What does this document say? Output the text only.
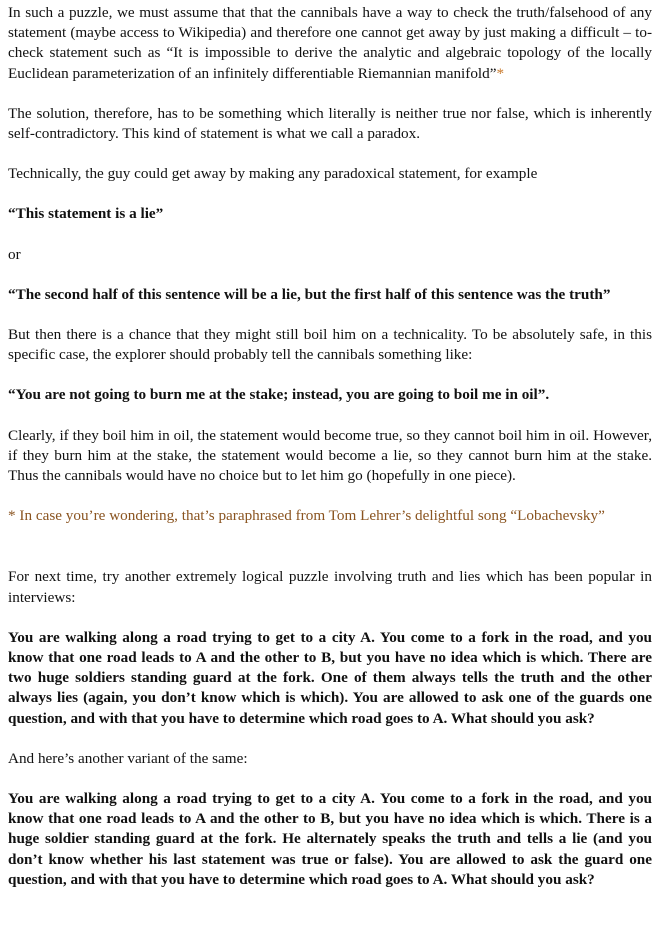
In such a puzzle, we must assume that that the cannibals have a way to check the truth/falsehood of any statement (maybe access to Wikipedia) and therefore one cannot get away by just making a difficult – to-check statement such as “It is impossible to derive the analytic and algebraic topology of the locally Euclidean parameterization of an infinitely differentiable Riemannian manifold”*

The solution, therefore, has to be something which literally is neither true nor false, which is inherently self-contradictory. This kind of statement is what we call a paradox.

Technically, the guy could get away by making any paradoxical statement, for example

“This statement is a lie”

or

“The second half of this sentence will be a lie, but the first half of this sentence was the truth”

But then there is a chance that they might still boil him on a technicality. To be absolutely safe, in this specific case, the explorer should probably tell the cannibals something like:

“You are not going to burn me at the stake; instead, you are going to boil me in oil”.

Clearly, if they boil him in oil, the statement would become true, so they cannot boil him in oil. However, if they burn him at the stake, the statement would become a lie, so they cannot burn him at the stake. Thus the cannibals would have no choice but to let him go (hopefully in one piece).

* In case you’re wondering, that’s paraphrased from Tom Lehrer’s delightful song “Lobachevsky”

For next time, try another extremely logical puzzle involving truth and lies which has been popular in interviews:

You are walking along a road trying to get to a city A. You come to a fork in the road, and you know that one road leads to A and the other to B, but you have no idea which is which. There are two huge soldiers standing guard at the fork. One of them always tells the truth and the other always lies (again, you don’t know which is which). You are allowed to ask one of the guards one question, and with that you have to determine which road goes to A. What should you ask?

And here’s another variant of the same:

You are walking along a road trying to get to a city A. You come to a fork in the road, and you know that one road leads to A and the other to B, but you have no idea which is which. There is a huge soldier standing guard at the fork. He alternately speaks the truth and tells a lie (and you don’t know whether his last statement was true or false). You are allowed to ask the guard one question, and with that you have to determine which road goes to A. What should you ask?
